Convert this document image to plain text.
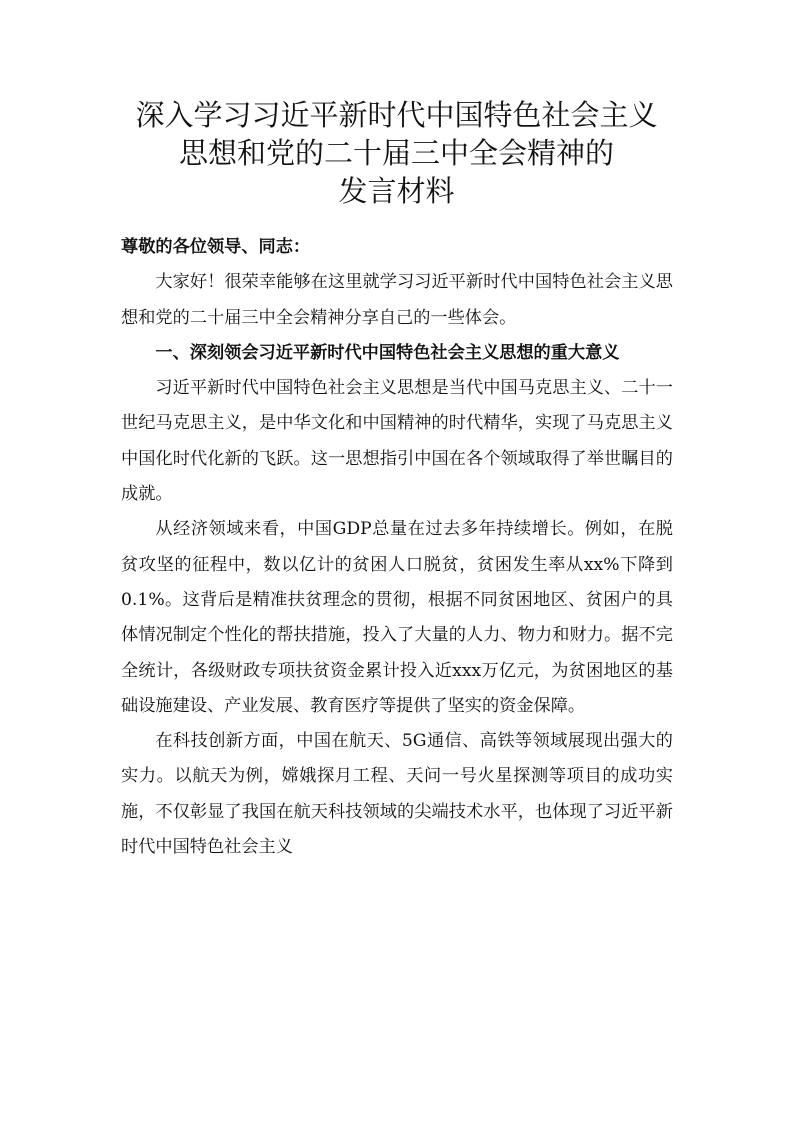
深入学习习近平新时代中国特色社会主义
思想和党的二十届三中全会精神的
发言材料

尊敬的各位领导、同志：

大家好！很荣幸能够在这里就学习习近平新时代中国特色社会主义思想和党的二十届三中全会精神分享自己的一些体会。

一、深刻领会习近平新时代中国特色社会主义思想的重大意义

习近平新时代中国特色社会主义思想是当代中国马克思主义、二十一世纪马克思主义，是中华文化和中国精神的时代精华，实现了马克思主义中国化时代化新的飞跃。这一思想指引中国在各个领域取得了举世瞩目的成就。

从经济领域来看，中国GDP总量在过去多年持续增长。例如，在脱贫攻坚的征程中，数以亿计的贫困人口脱贫，贫困发生率从xx%下降到0.1%。这背后是精准扶贫理念的贯彻，根据不同贫困地区、贫困户的具体情况制定个性化的帮扶措施，投入了大量的人力、物力和财力。据不完全统计，各级财政专项扶贫资金累计投入近xxx万亿元，为贫困地区的基础设施建设、产业发展、教育医疗等提供了坚实的资金保障。

在科技创新方面，中国在航天、5G通信、高铁等领域展现出强大的实力。以航天为例，嫦娥探月工程、天问一号火星探测等项目的成功实施，不仅彰显了我国在航天科技领域的尖端技术水平，也体现了习近平新时代中国特色社会主义
